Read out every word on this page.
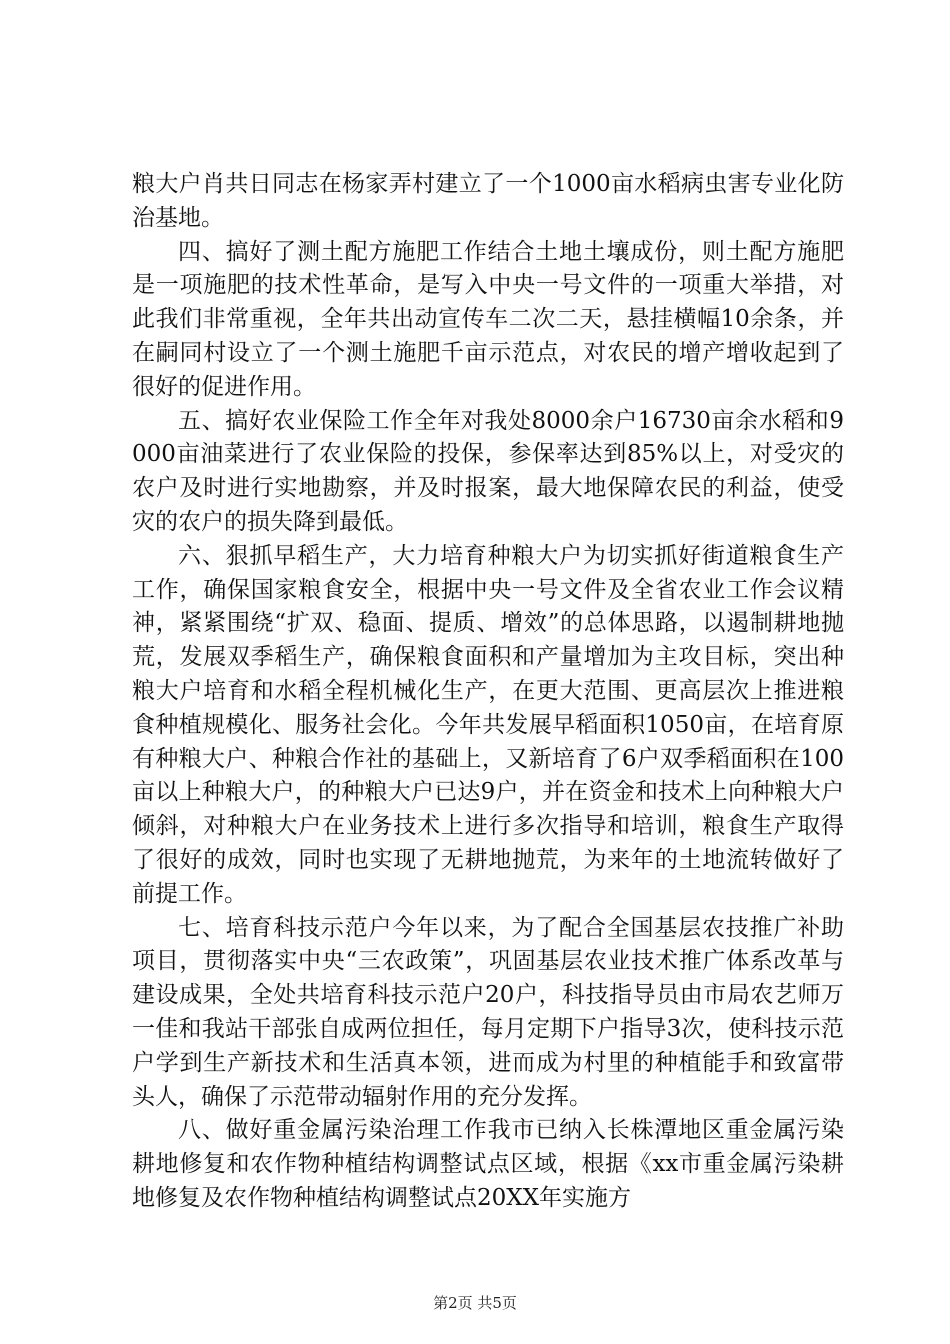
粮大户肖共日同志在杨家弄村建立了一个1000亩水稻病虫害专业化防治基地。

四、搞好了测土配方施肥工作结合土地土壤成份，则土配方施肥是一项施肥的技术性革命，是写入中央一号文件的一项重大举措，对此我们非常重视，全年共出动宣传车二次二天，悬挂横幅10余条，并在嗣同村设立了一个测土施肥千亩示范点，对农民的增产增收起到了很好的促进作用。

五、搞好农业保险工作全年对我处8000余户16730亩余水稻和9000亩油菜进行了农业保险的投保，参保率达到85%以上，对受灾的农户及时进行实地勘察，并及时报案，最大地保障农民的利益，使受灾的农户的损失降到最低。

六、狠抓早稻生产，大力培育种粮大户为切实抓好街道粮食生产工作，确保国家粮食安全，根据中央一号文件及全省农业工作会议精神，紧紧围绕“扩双、稳面、提质、增效”的总体思路，以遏制耕地抛荒，发展双季稻生产，确保粮食面积和产量增加为主攻目标，突出种粮大户培育和水稻全程机械化生产，在更大范围、更高层次上推进粮食种植规模化、服务社会化。今年共发展早稻面积1050亩，在培育原有种粮大户、种粮合作社的基础上，又新培育了6户双季稻面积在100亩以上种粮大户，的种粮大户已达9户，并在资金和技术上向种粮大户倾斜，对种粮大户在业务技术上进行多次指导和培训，粮食生产取得了很好的成效，同时也实现了无耕地抛荒，为来年的土地流转做好了前提工作。

七、培育科技示范户今年以来，为了配合全国基层农技推广补助项目，贯彻落实中央“三农政策”，巩固基层农业技术推广体系改革与建设成果，全处共培育科技示范户20户，科技指导员由市局农艺师万一佳和我站干部张自成两位担任，每月定期下户指导3次，使科技示范户学到生产新技术和生活真本领，进而成为村里的种植能手和致富带头人，确保了示范带动辐射作用的充分发挥。

八、做好重金属污染治理工作我市已纳入长株潭地区重金属污染耕地修复和农作物种植结构调整试点区域，根据《xx市重金属污染耕地修复及农作物种植结构调整试点20XX年实施方

第2页 共5页
